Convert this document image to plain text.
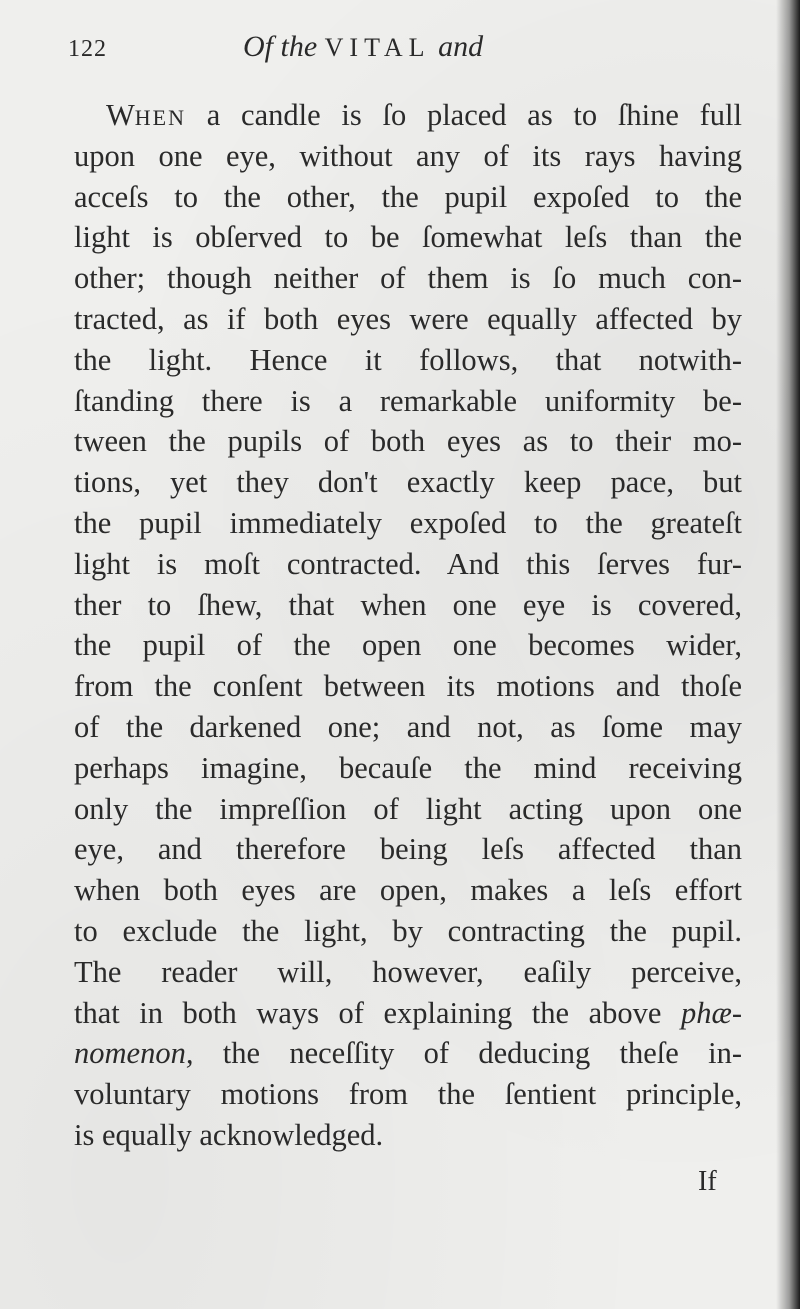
122	Of the VITAL and
WHEN a candle is ſo placed as to ſhine full
upon one eye, without any of its rays having
acceſs to the other, the pupil expoſed to the
light is obſerved to be ſomewhat leſs than the
other; though neither of them is ſo much con-
tracted, as if both eyes were equally affected by
the light. Hence it follows, that notwith-
ſtanding there is a remarkable uniformity be-
tween the pupils of both eyes as to their mo-
tions, yet they don't exactly keep pace, but
the pupil immediately expoſed to the greateſt
light is moſt contracted. And this ſerves fur-
ther to ſhew, that when one eye is covered,
the pupil of the open one becomes wider,
from the conſent between its motions and thoſe
of the darkened one; and not, as ſome may
perhaps imagine, becauſe the mind receiving
only the impreſſion of light acting upon one
eye, and therefore being leſs affected than
when both eyes are open, makes a leſs effort
to exclude the light, by contracting the pupil.
The reader will, however, eaſily perceive,
that in both ways of explaining the above phæ-
nomenon, the neceſſity of deducing theſe in-
voluntary motions from the ſentient principle,
is equally acknowledged.
If
